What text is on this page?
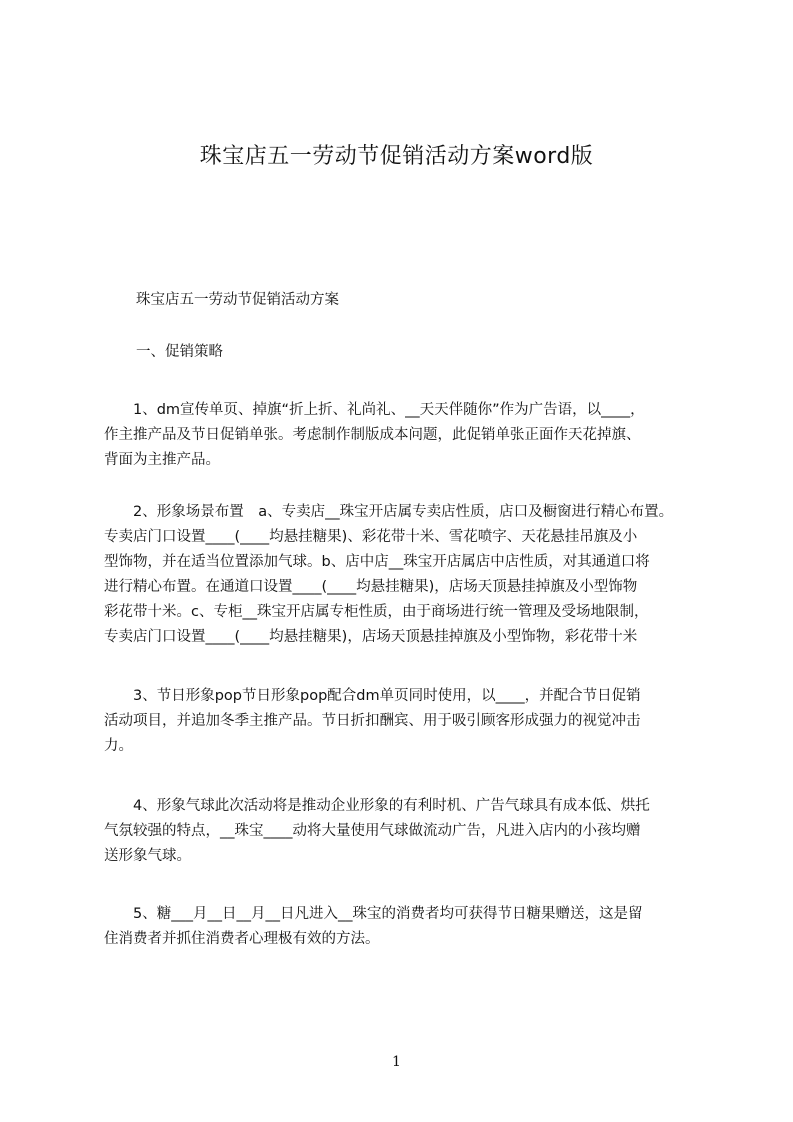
珠宝店五一劳动节促销活动方案word版
珠宝店五一劳动节促销活动方案
一、促销策略
　　1、dm宣传单页、掉旗“折上折、礼尚礼、__天天伴随你”作为广告语，以____，
作主推产品及节日促销单张。考虑制作制版成本问题，此促销单张正面作天花掉旗、
背面为主推产品。
　　2、形象场景布置　a、专卖店__珠宝开店属专卖店性质，店口及橱窗进行精心布置。
专卖店门口设置____(____均悬挂糖果)、彩花带十米、雪花喷字、天花悬挂吊旗及小
型饰物，并在适当位置添加气球。b、店中店__珠宝开店属店中店性质，对其通道口将
进行精心布置。在通道口设置____(____均悬挂糖果)，店场天顶悬挂掉旗及小型饰物
彩花带十米。c、专柜__珠宝开店属专柜性质，由于商场进行统一管理及受场地限制，
专卖店门口设置____(____均悬挂糖果)，店场天顶悬挂掉旗及小型饰物，彩花带十米
　　3、节日形象pop节日形象pop配合dm单页同时使用，以____，并配合节日促销
活动项目，并追加冬季主推产品。节日折扣酬宾、用于吸引顾客形成强力的视觉冲击
力。
　　4、形象气球此次活动将是推动企业形象的有利时机、广告气球具有成本低、烘托
气氛较强的特点，__珠宝____动将大量使用气球做流动广告，凡进入店内的小孩均赠
送形象气球。
　　5、糖___月__日__月__日凡进入__珠宝的消费者均可获得节日糖果赠送，这是留
住消费者并抓住消费者心理极有效的方法。
1
